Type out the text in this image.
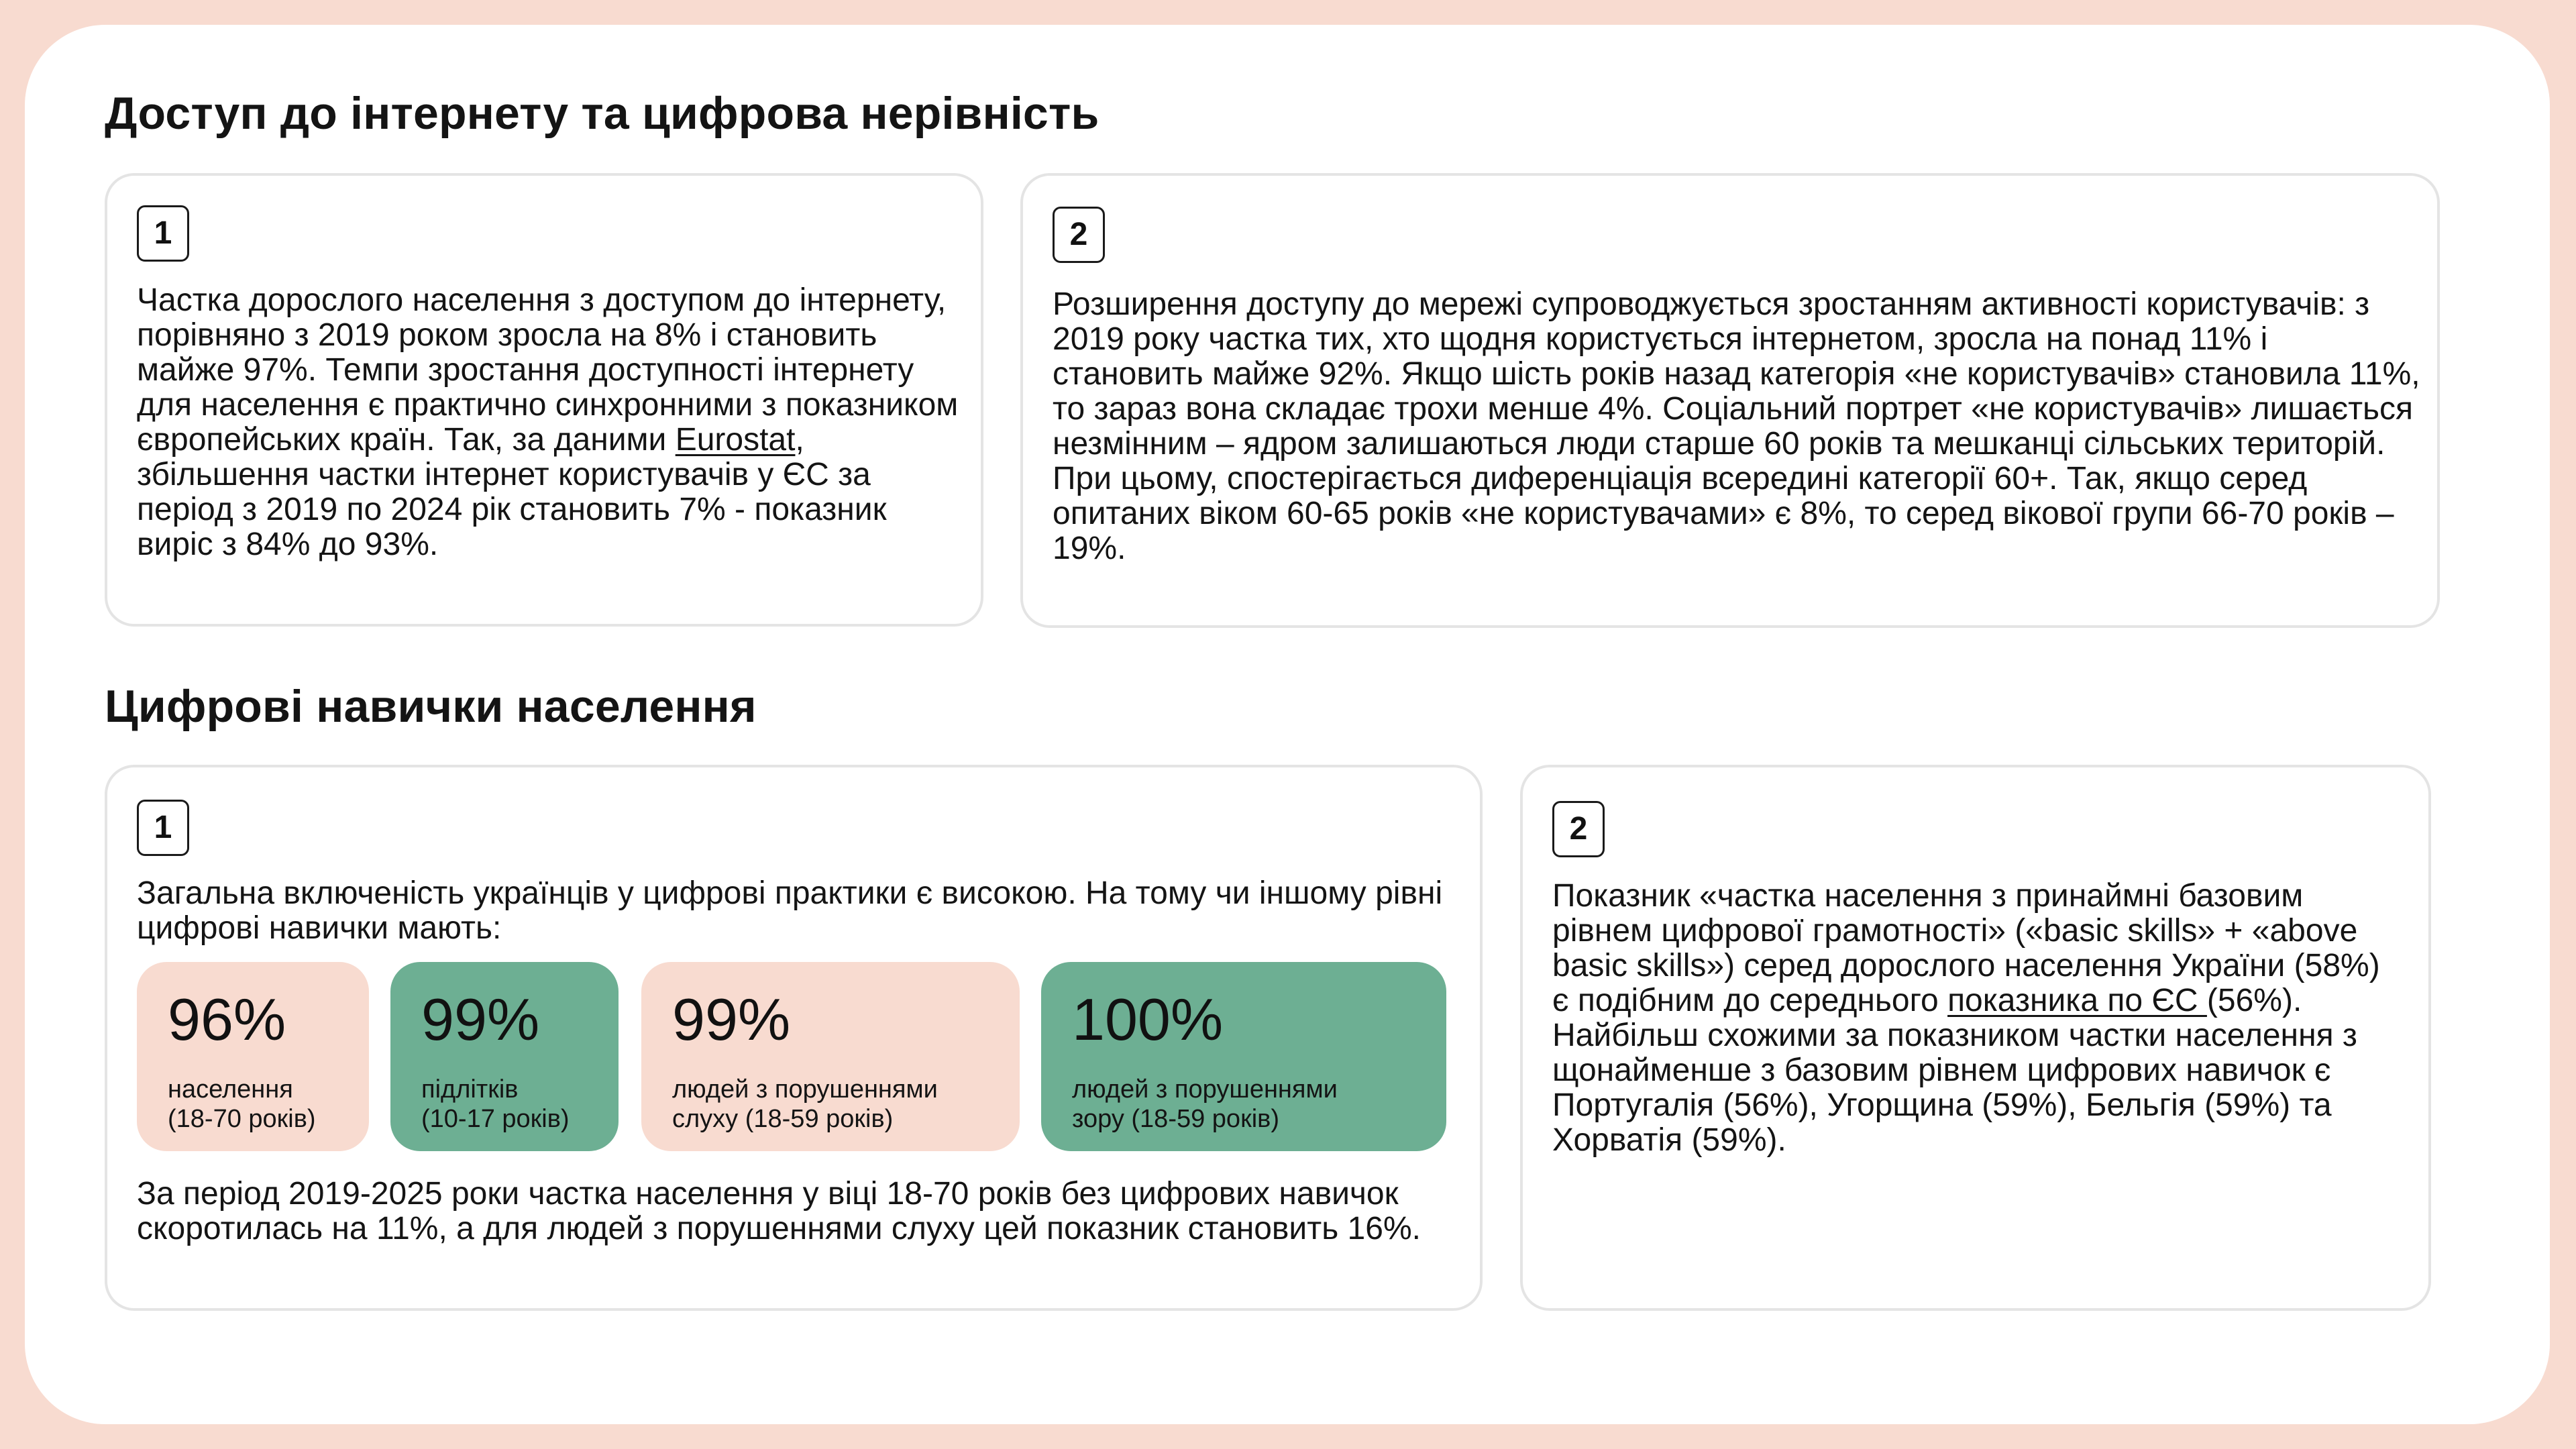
Доступ до інтернету та цифрова нерівність
1

Частка дорослого населення з доступом до інтернету, порівняно з 2019 роком зросла на 8% і становить майже 97%. Темпи зростання доступності інтернету для населення є практично синхронними з показником європейських країн. Так, за даними Eurostat, збільшення частки інтернет користувачів у ЄС за період з 2019 по 2024 рік становить 7% - показник виріс з 84% до 93%.

2

Розширення доступу до мережі супроводжується зростанням активності користувачів: з 2019 року частка тих, хто щодня користується інтернетом, зросла на понад 11% і становить майже 92%. Якщо шість років назад категорія «не користувачів» становила 11%, то зараз вона складає трохи менше 4%. Соціальний портрет «не користувачів» лишається незмінним – ядром залишаються люди старше 60 років та мешканці сільських територій. При цьому, спостерігається диференціація всередині категорії 60+. Так, якщо серед опитаних віком 60-65 років «не користувачами» є 8%, то серед вікової групи 66-70 років – 19%.

Цифрові навички населення
1

Загальна включеність українців у цифрові практики є високою. На тому чи іншому рівні цифрові навички мають:

96%
населення
(18-70 років)
99%
підлітків
(10-17 років)
99%
людей з порушеннями
слуху (18-59 років)
100%
людей з порушеннями
зору (18-59 років)

За період 2019-2025 роки частка населення у віці 18-70 років без цифрових навичок скоротилась на 11%, а для людей з порушеннями слуху цей показник становить 16%.

2

Показник «частка населення з принаймні базовим рівнем цифрової грамотності» («basic skills» + «above basic skills») серед дорослого населення України (58%) є подібним до середнього показника по ЄС (56%). Найбільш схожими за показником частки населення з щонайменше з базовим рівнем цифрових навичок є Португалія (56%), Угорщина (59%), Бельгія (59%) та Хорватія (59%).
